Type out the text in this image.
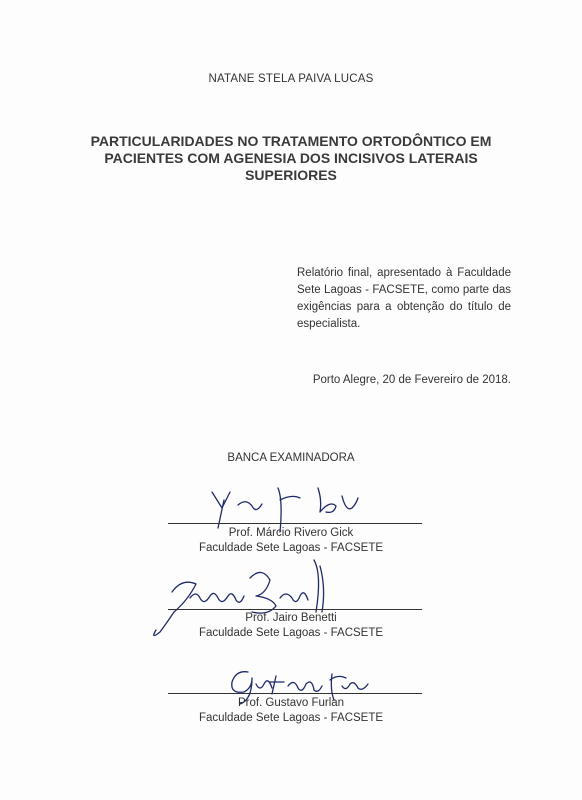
NATANE STELA PAIVA LUCAS
PARTICULARIDADES NO TRATAMENTO ORTODÔNTICO EM
PACIENTES COM AGENESIA DOS INCISIVOS LATERAIS
SUPERIORES
Relatório final, apresentado à Faculdade Sete Lagoas - FACSETE, como parte das exigências para a obtenção do título de especialista.
Porto Alegre, 20 de Fevereiro de 2018.
BANCA EXAMINADORA
Prof. Márcio Rivero Gick
Faculdade Sete Lagoas - FACSETE
Prof. Jairo Benetti
Faculdade Sete Lagoas - FACSETE
Prof. Gustavo Furlan
Faculdade Sete Lagoas - FACSETE
